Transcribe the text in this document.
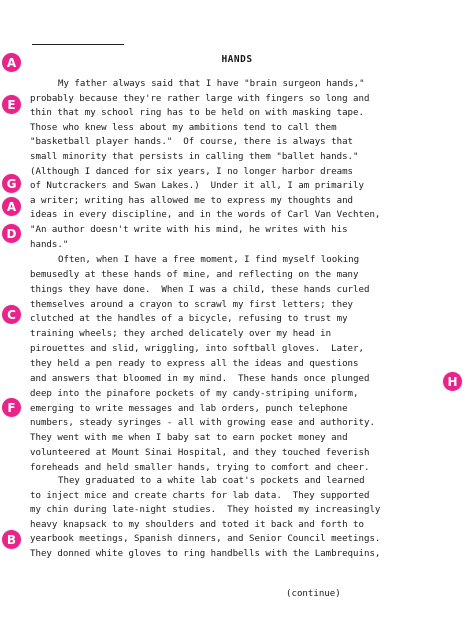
HANDS
My father always said that I have "brain surgeon hands,"
probably because they're rather large with fingers so long and
thin that my school ring has to be held on with masking tape.
Those who knew less about my ambitions tend to call them
"basketball player hands."  Of course, there is always that
small minority that persists in calling them "ballet hands."
(Although I danced for six years, I no longer harbor dreams
of Nutcrackers and Swan Lakes.)  Under it all, I am primarily
a writer; writing has allowed me to express my thoughts and
ideas in every discipline, and in the words of Carl Van Vechten,
"An author doesn't write with his mind, he writes with his
hands."
Often, when I have a free moment, I find myself looking
bemusedly at these hands of mine, and reflecting on the many
things they have done.  When I was a child, these hands curled
themselves around a crayon to scrawl my first letters; they
clutched at the handles of a bicycle, refusing to trust my
training wheels; they arched delicately over my head in
pirouettes and slid, wriggling, into softball gloves.  Later,
they held a pen ready to express all the ideas and questions
and answers that bloomed in my mind.  These hands once plunged
deep into the pinafore pockets of my candy-striping uniform,
emerging to write messages and lab orders, punch telephone
numbers, steady syringes - all with growing ease and authority.
They went with me when I baby sat to earn pocket money and
volunteered at Mount Sinai Hospital, and they touched feverish
foreheads and held smaller hands, trying to comfort and cheer.
They graduated to a white lab coat's pockets and learned
to inject mice and create charts for lab data.  They supported
my chin during late-night studies.  They hoisted my increasingly
heavy knapsack to my shoulders and toted it back and forth to
yearbook meetings, Spanish dinners, and Senior Council meetings.
They donned white gloves to ring handbells with the Lambrequins,
A
E
G
A
D
C
H
F
B
(continue)
